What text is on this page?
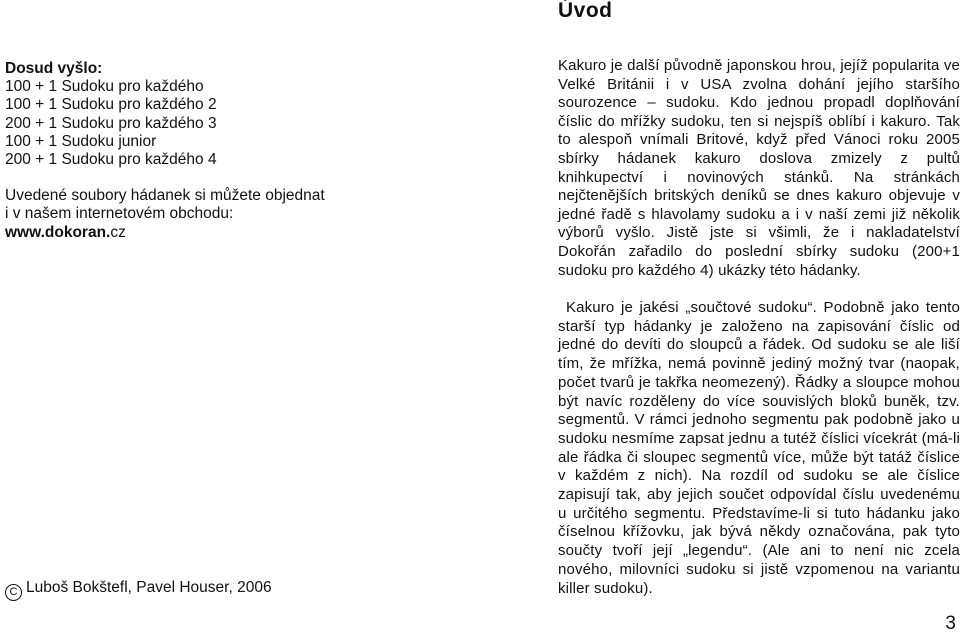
Úvod
Dosud vyšlo:
100 + 1 Sudoku pro každého
100 + 1 Sudoku pro každého 2
200 + 1 Sudoku pro každého 3
100 + 1 Sudoku junior
200 + 1 Sudoku pro každého 4
Uvedené soubory hádanek si můžete objednat
i v našem internetovém obchodu:
www.dokoran.cz
C Luboš Bokštefl, Pavel Houser, 2006

Kakuro je další původně japonskou hrou, jejíž popularita ve Velké Británii i v USA zvolna dohání jejího staršího sourozence – sudoku. Kdo jednou propadl doplňování číslic do mřížky sudoku, ten si nejspíš oblíbí i kakuro. Tak to alespoň vnímali Britové, když před Vánoci roku 2005 sbírky hádanek kakuro doslova zmizely z pultů knihkupectví i novinových stánků. Na stránkách nejčtenějších britských deníků se dnes kakuro objevuje v jedné řadě s hlavolamy sudoku a i v naší zemi již několik výborů vyšlo. Jistě jste si všimli, že i nakladatelství Dokořán zařadilo do poslední sbírky sudoku (200+1 sudoku pro každého 4) ukázky této hádanky.

Kakuro je jakési „součtové sudoku“. Podobně jako tento starší typ hádanky je založeno na zapisování číslic od jedné do devíti do sloupců a řádek. Od sudoku se ale liší tím, že mřížka, nemá povinně jediný možný tvar (naopak, počet tvarů je takřka neomezený). Řádky a sloupce mohou být navíc rozděleny do více souvislých bloků buněk, tzv. segmentů. V rámci jednoho segmentu pak podobně jako u sudoku nesmíme zapsat jednu a tutéž číslici vícekrát (má-li ale řádka či sloupec segmentů více, může být tatáž číslice v každém z nich). Na rozdíl od sudoku se ale číslice zapisují tak, aby jejich součet odpovídal číslu uvedenému u určitého segmentu. Představíme-li si tuto hádanku jako číselnou křížovku, jak bývá někdy označována, pak tyto součty tvoří její „legendu“. (Ale ani to není nic zcela nového, milovníci sudoku si jistě vzpomenou na variantu killer sudoku).

3
